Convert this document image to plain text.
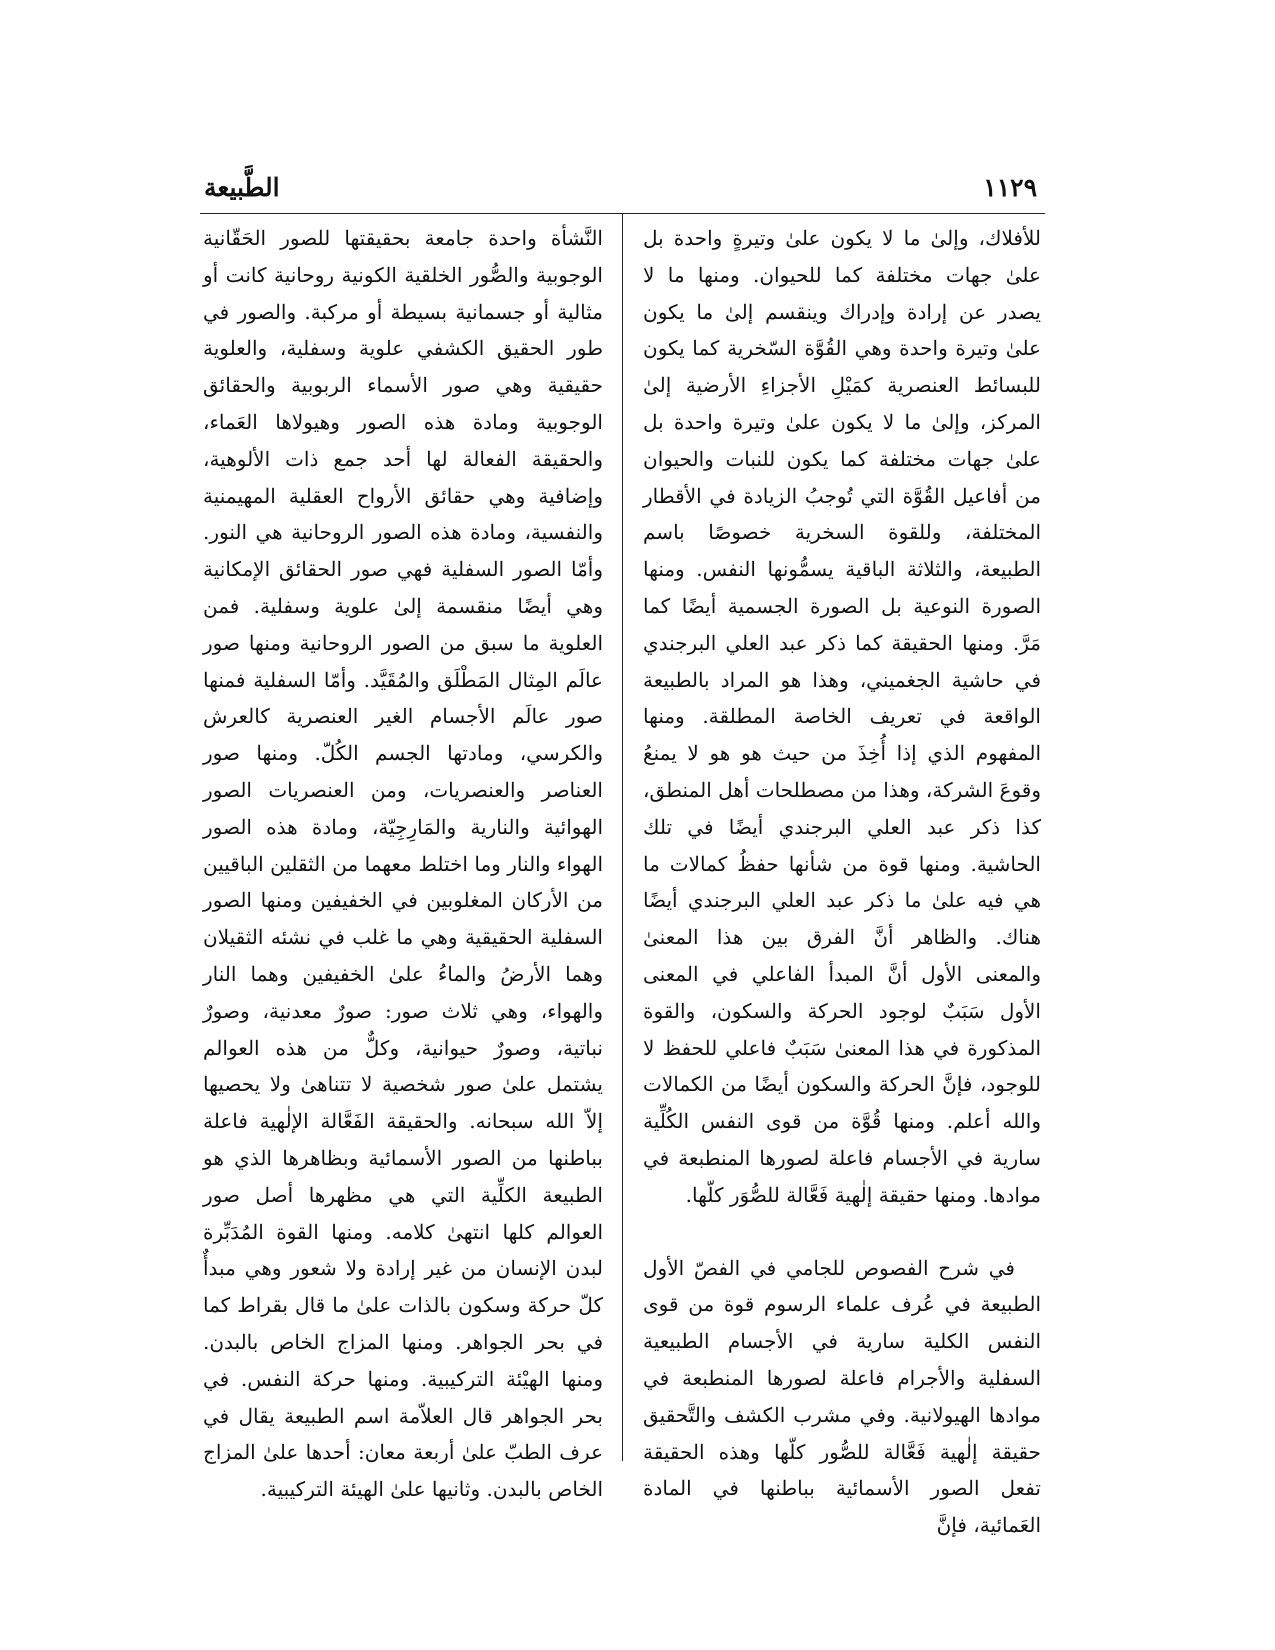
الطَّبيعة	١١٢٩

للأفلاك، وإلىٰ ما لا يكون علىٰ وتيرةٍ واحدة بل علىٰ جهات مختلفة كما للحيوان. ومنها ما لا يصدر عن إرادة وإدراك وينقسم إلىٰ ما يكون علىٰ وتيرة واحدة وهي القُوَّة السّخرية كما يكون للبسائط العنصرية كمَيْلِ الأجزاءِ الأرضية إلىٰ المركز، وإلىٰ ما لا يكون علىٰ وتيرة واحدة بل علىٰ جهات مختلفة كما يكون للنبات والحيوان من أفاعيل القُوَّة التي تُوجبُ الزيادة في الأقطار المختلفة، وللقوة السخرية خصوصًا باسم الطبيعة، والثلاثة الباقية يسمُّونها النفس. ومنها الصورة النوعية بل الصورة الجسمية أيضًا كما مَرَّ. ومنها الحقيقة كما ذكر عبد العلي البرجندي في حاشية الجغميني، وهذا هو المراد بالطبيعة الواقعة في تعريف الخاصة المطلقة. ومنها المفهوم الذي إذا أُخِذَ من حيث هو هو لا يمنعُ وقوعَ الشركة، وهذا من مصطلحات أهل المنطق، كذا ذكر عبد العلي البرجندي أيضًا في تلك الحاشية. ومنها قوة من شأنها حفظُ كمالات ما هي فيه علىٰ ما ذكر عبد العلي البرجندي أيضًا هناك. والظاهر أنَّ الفرق بين هذا المعنىٰ والمعنى الأول أنَّ المبدأ الفاعلي في المعنى الأول سَبَبٌ لوجود الحركة والسكون، والقوة المذكورة في هذا المعنىٰ سَبَبٌ فاعلي للحفظ لا للوجود، فإنَّ الحركة والسكون أيضًا من الكمالات والله أعلم. ومنها قُوَّة من قوى النفس الكُلِّية سارية في الأجسام فاعلة لصورها المنطبعة في موادها. ومنها حقيقة إلٰهية فَعَّالة للصُّوَر كلّها.

في شرح الفصوص للجامي في الفصّ الأول الطبيعة في عُرف علماء الرسوم قوة من قوى النفس الكلية سارية في الأجسام الطبيعية السفلية والأجرام فاعلة لصورها المنطبعة في موادها الهيولانية. وفي مشرب الكشف والتَّحقيق حقيقة إلٰهية فَعَّالة للصُّور كلّها وهذه الحقيقة تفعل الصور الأسمائية بباطنها في المادة العَمائية، فإنَّ

النَّشأة واحدة جامعة بحقيقتها للصور الحَقّانية الوجوبية والصُّور الخلقية الكونية روحانية كانت أو مثالية أو جسمانية بسيطة أو مركبة. والصور في طور الحقيق الكشفي علوية وسفلية، والعلوية حقيقية وهي صور الأسماء الربوبية والحقائق الوجوبية ومادة هذه الصور وهيولاها العَماء، والحقيقة الفعالة لها أحد جمع ذات الألوهية، وإضافية وهي حقائق الأرواح العقلية المهيمنية والنفسية، ومادة هذه الصور الروحانية هي النور. وأمّا الصور السفلية فهي صور الحقائق الإمكانية وهي أيضًا منقسمة إلىٰ علوية وسفلية. فمن العلوية ما سبق من الصور الروحانية ومنها صور عالَم المِثال المَطْلَق والمُقَيَّد. وأمّا السفلية فمنها صور عالَم الأجسام الغير العنصرية كالعرش والكرسي، ومادتها الجسم الكُلّ. ومنها صور العناصر والعنصريات، ومن العنصريات الصور الهوائية والنارية والمَارِجِيّة، ومادة هذه الصور الهواء والنار وما اختلط معهما من الثقلين الباقيين من الأركان المغلوبين في الخفيفين ومنها الصور السفلية الحقيقية وهي ما غلب في نشئه الثقيلان وهما الأرضُ والماءُ علىٰ الخفيفين وهما النار والهواء، وهي ثلاث صور: صورٌ معدنية، وصورٌ نباتية، وصورٌ حيوانية، وكلٌّ من هذه العوالم يشتمل علىٰ صور شخصية لا تتناهىٰ ولا يحصيها إلاّ الله سبحانه. والحقيقة الفَعَّالة الإلٰهية فاعلة بباطنها من الصور الأسمائية وبظاهرها الذي هو الطبيعة الكلِّية التي هي مظهرها أصل صور العوالم كلها انتهىٰ كلامه. ومنها القوة المُدَبِّرة لبدن الإنسان من غير إرادة ولا شعور وهي مبدأٌ كلّ حركة وسكون بالذات علىٰ ما قال بقراط كما في بحر الجواهر. ومنها المزاج الخاص بالبدن. ومنها الهيْئة التركيبية. ومنها حركة النفس. في بحر الجواهر قال العلاّمة اسم الطبيعة يقال في عرف الطبّ علىٰ أربعة معان: أحدها علىٰ المزاج الخاص بالبدن. وثانيها علىٰ الهيئة التركيبية.
